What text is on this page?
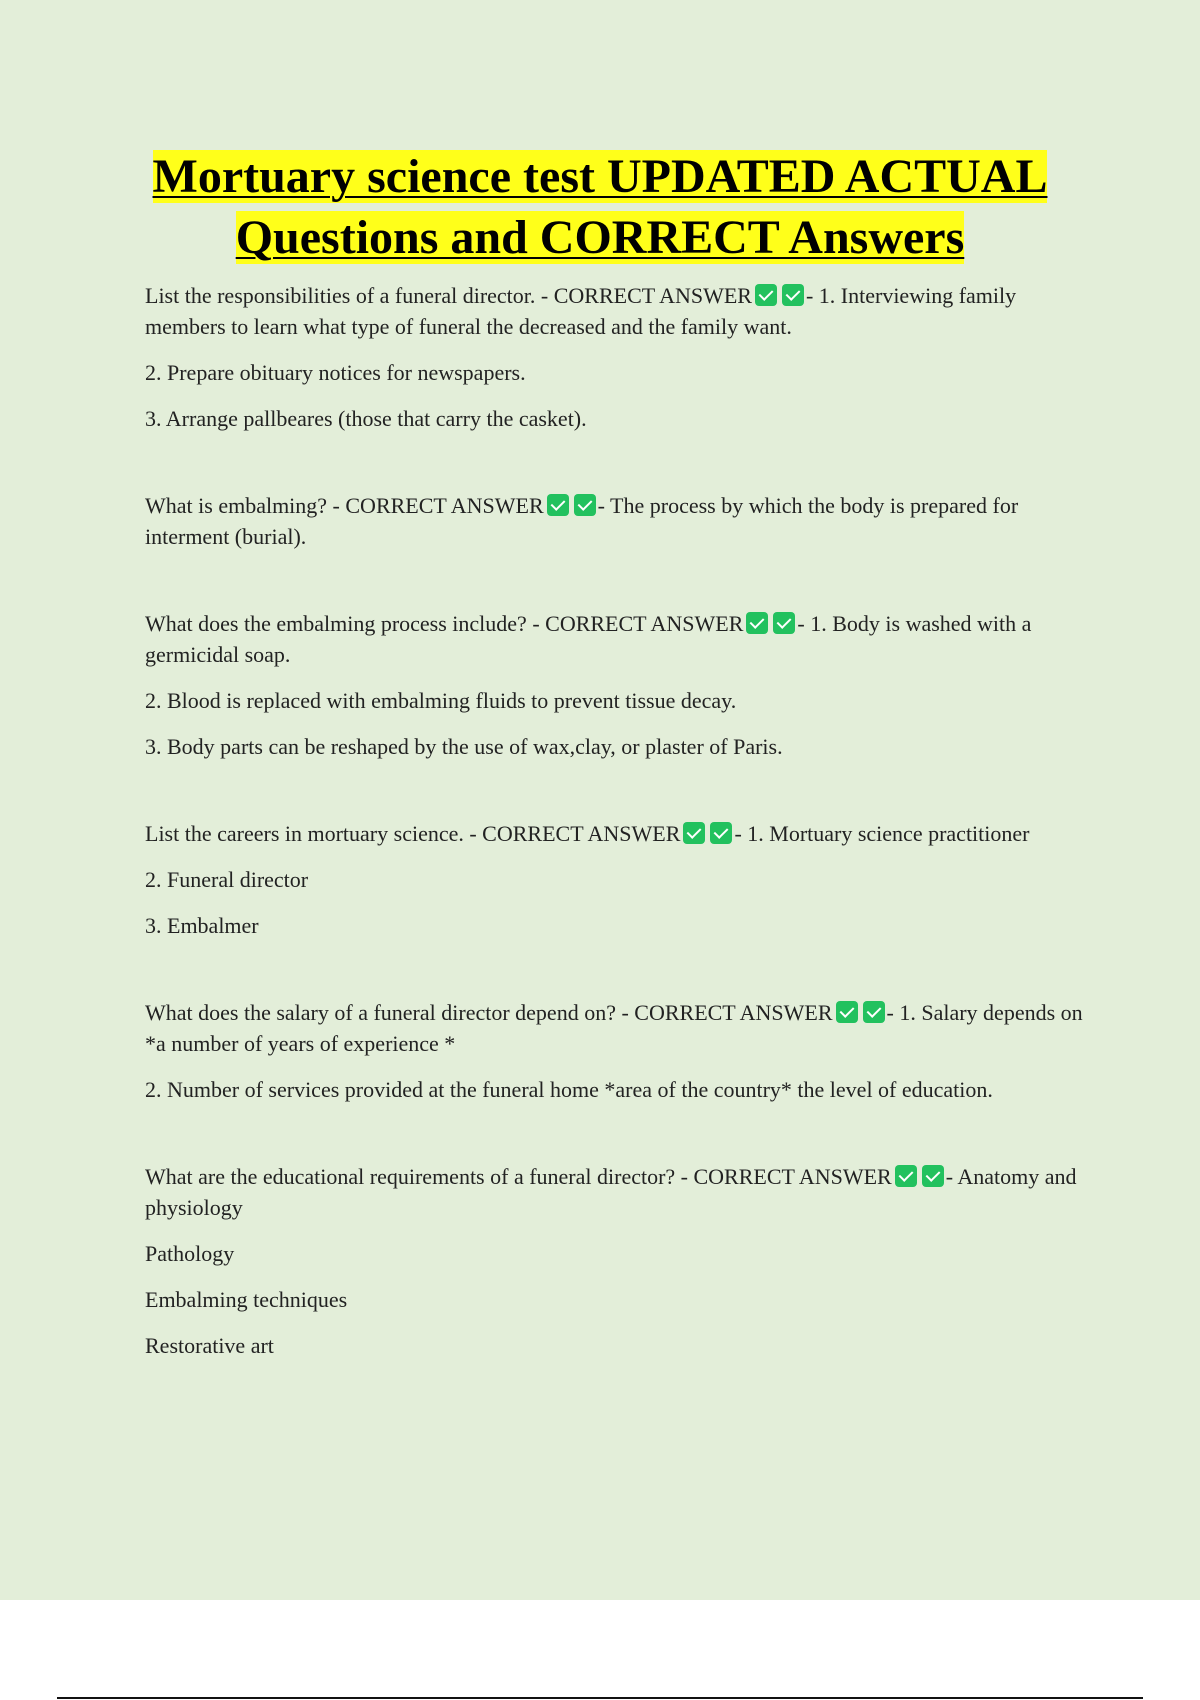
Mortuary science test UPDATED ACTUAL
Questions and CORRECT Answers

List the responsibilities of a funeral director. - CORRECT ANSWER - 1. Interviewing family members to learn what type of funeral the decreased and the family want.

2. Prepare obituary notices for newspapers.

3. Arrange pallbeares (those that carry the casket).

What is embalming? - CORRECT ANSWER - The process by which the body is prepared for interment (burial).

What does the embalming process include? - CORRECT ANSWER - 1. Body is washed with a germicidal soap.

2. Blood is replaced with embalming fluids to prevent tissue decay.

3. Body parts can be reshaped by the use of wax,clay, or plaster of Paris.

List the careers in mortuary science. - CORRECT ANSWER - 1. Mortuary science practitioner

2. Funeral director

3. Embalmer

What does the salary of a funeral director depend on? - CORRECT ANSWER - 1. Salary depends on *a number of years of experience *

2. Number of services provided at the funeral home *area of the country* the level of education.

What are the educational requirements of a funeral director? - CORRECT ANSWER - Anatomy and physiology

Pathology

Embalming techniques

Restorative art
